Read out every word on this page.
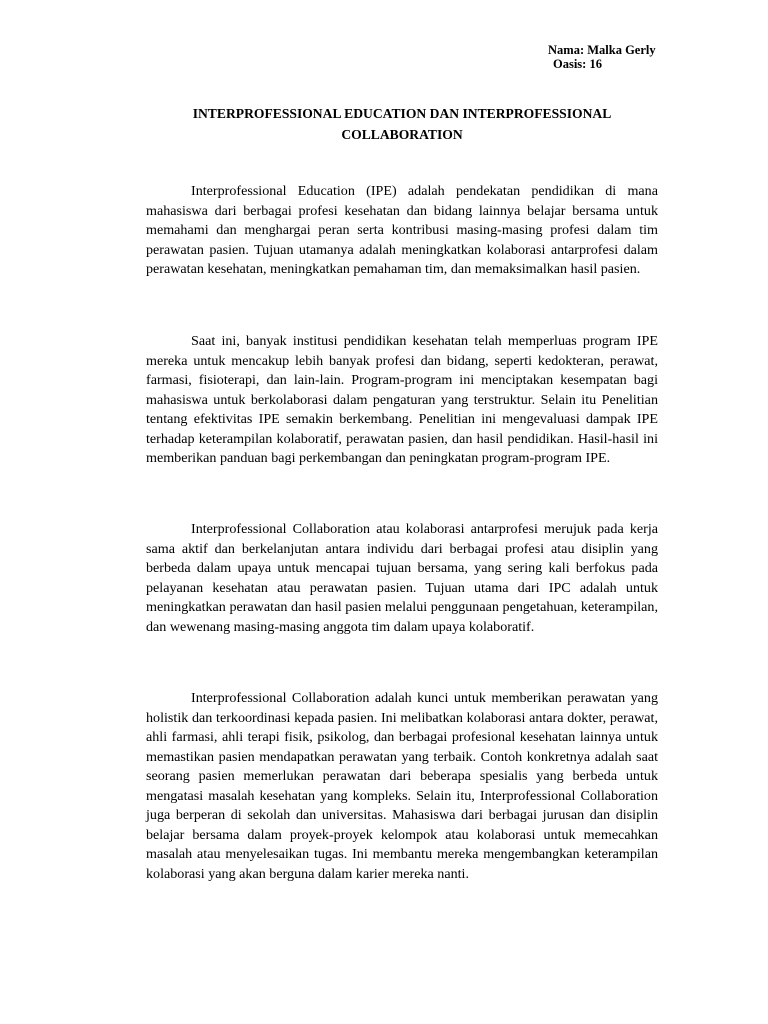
Nama: Malka Gerly
Oasis: 16
INTERPROFESSIONAL EDUCATION DAN INTERPROFESSIONAL
COLLABORATION

Interprofessional Education (IPE) adalah pendekatan pendidikan di mana mahasiswa dari berbagai profesi kesehatan dan bidang lainnya belajar bersama untuk memahami dan menghargai peran serta kontribusi masing-masing profesi dalam tim perawatan pasien. Tujuan utamanya adalah meningkatkan kolaborasi antarprofesi dalam perawatan kesehatan, meningkatkan pemahaman tim, dan memaksimalkan hasil pasien.

Saat ini, banyak institusi pendidikan kesehatan telah memperluas program IPE mereka untuk mencakup lebih banyak profesi dan bidang, seperti kedokteran, perawat, farmasi, fisioterapi, dan lain-lain. Program-program ini menciptakan kesempatan bagi mahasiswa untuk berkolaborasi dalam pengaturan yang terstruktur. Selain itu Penelitian tentang efektivitas IPE semakin berkembang. Penelitian ini mengevaluasi dampak IPE terhadap keterampilan kolaboratif, perawatan pasien, dan hasil pendidikan. Hasil-hasil ini memberikan panduan bagi perkembangan dan peningkatan program-program IPE.

Interprofessional Collaboration atau kolaborasi antarprofesi merujuk pada kerja sama aktif dan berkelanjutan antara individu dari berbagai profesi atau disiplin yang berbeda dalam upaya untuk mencapai tujuan bersama, yang sering kali berfokus pada pelayanan kesehatan atau perawatan pasien. Tujuan utama dari IPC adalah untuk meningkatkan perawatan dan hasil pasien melalui penggunaan pengetahuan, keterampilan, dan wewenang masing-masing anggota tim dalam upaya kolaboratif.

Interprofessional Collaboration adalah kunci untuk memberikan perawatan yang holistik dan terkoordinasi kepada pasien. Ini melibatkan kolaborasi antara dokter, perawat, ahli farmasi, ahli terapi fisik, psikolog, dan berbagai profesional kesehatan lainnya untuk memastikan pasien mendapatkan perawatan yang terbaik. Contoh konkretnya adalah saat seorang pasien memerlukan perawatan dari beberapa spesialis yang berbeda untuk mengatasi masalah kesehatan yang kompleks. Selain itu, Interprofessional Collaboration juga berperan di sekolah dan universitas. Mahasiswa dari berbagai jurusan dan disiplin belajar bersama dalam proyek-proyek kelompok atau kolaborasi untuk memecahkan masalah atau menyelesaikan tugas. Ini membantu mereka mengembangkan keterampilan kolaborasi yang akan berguna dalam karier mereka nanti.
